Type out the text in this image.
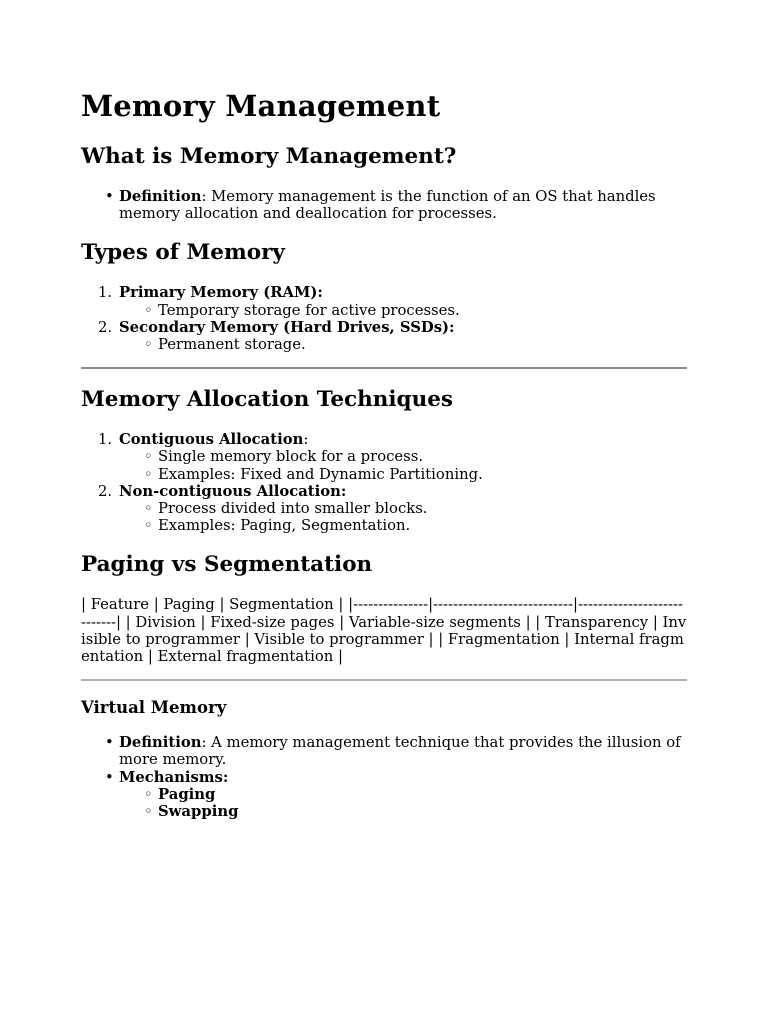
Memory Management
What is Memory Management?
• Definition: Memory management is the function of an OS that handles memory allocation and deallocation for processes.
Types of Memory
1. Primary Memory (RAM):
◦ Temporary storage for active processes.
2. Secondary Memory (Hard Drives, SSDs):
◦ Permanent storage.
Memory Allocation Techniques
1. Contiguous Allocation:
◦ Single memory block for a process.
◦ Examples: Fixed and Dynamic Partitioning.
2. Non-contiguous Allocation:
◦ Process divided into smaller blocks.
◦ Examples: Paging, Segmentation.
Paging vs Segmentation
| Feature | Paging | Segmentation | |---------------|----------------------------|----------------------------| | Division | Fixed-size pages | Variable-size segments | | Transparency | Invisible to programmer | Visible to programmer | | Fragmentation | Internal fragmentation | External fragmentation |
Virtual Memory
• Definition: A memory management technique that provides the illusion of more memory.
• Mechanisms:
◦ Paging
◦ Swapping
